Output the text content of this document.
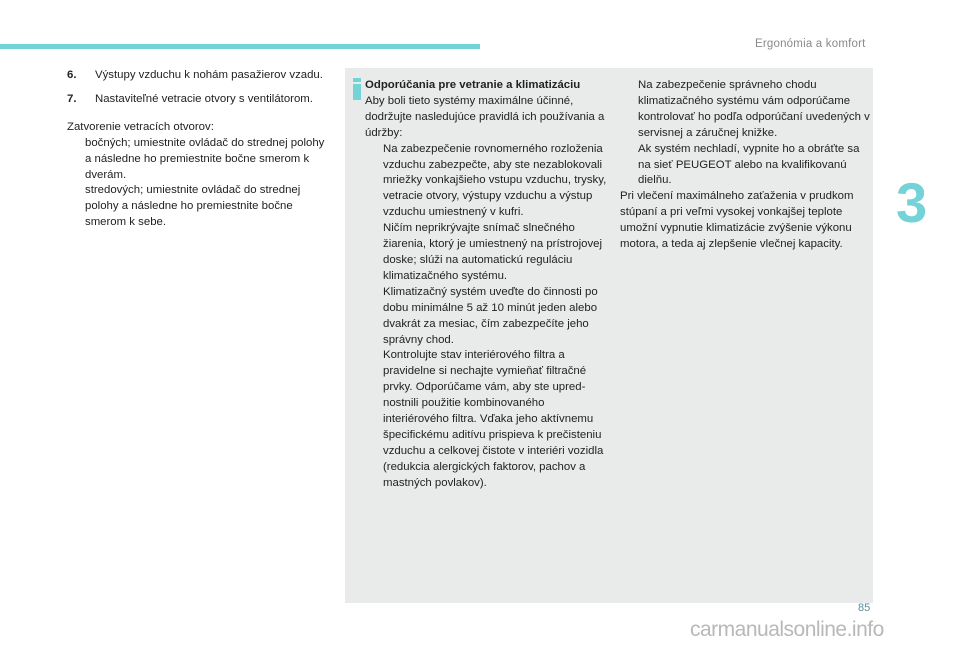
Ergonómia a komfort
3
6.	Výstupy vzduchu k nohám pasažierov vzadu.
7.	Nastaviteľné vetracie otvory s ventilátorom.
Zatvorenie vetracích otvorov:
bočných; umiestnite ovládač do strednej polohy a následne ho premiestnite bočne smerom k dverám.
stredových; umiestnite ovládač do strednej polohy a následne ho premiestnite bočne smerom k sebe.
Odporúčania pre vetranie a klimatizáciu
Aby boli tieto systémy maximálne účinné, dodržujte nasledujúce pravidlá ich používania a údržby:
Na zabezpečenie rovnomerného rozloženia vzduchu zabezpečte, aby ste nezablokovali mriežky vonkajšieho vstupu vzduchu, trysky, vetracie otvory, výstupy vzduchu a výstup vzduchu umiestnený v kufri.
Ničím neprikrývajte snímač slnečného žiarenia, ktorý je umiestnený na prístrojovej doske; slúži na automatickú reguláciu klimatizačného systému.
Klimatizačný systém uveďte do činnosti po dobu minimálne 5 až 10 minút jeden alebo dvakrát za mesiac, čím zabezpečíte jeho správny chod.
Kontrolujte stav interiérového filtra a pravidelne si nechajte vymieňať filtračné prvky. Odporúčame vám, aby ste uprednostnili použitie kombinovaného interiérového filtra. Vďaka jeho aktívnemu špecifickému aditívu prispieva k prečisteniu vzduchu a celkovej čistote v interiéri vozidla (redukcia alergických faktorov, pachov a mastných povlakov).
Na zabezpečenie správneho chodu klimatizačného systému vám odporúčame kontrolovať ho podľa odporúčaní uvedených v servisnej a záručnej knižke.
Ak systém nechladí, vypnite ho a obráťte sa na sieť PEUGEOT alebo na kvalifikovanú dielňu.
Pri vlečení maximálneho zaťaženia v prudkom stúpaní a pri veľmi vysokej vonkajšej teplote umožní vypnutie klimatizácie zvýšenie výkonu motora, a teda aj zlepšenie vlečnej kapacity.
85
carmanualsonline.info
